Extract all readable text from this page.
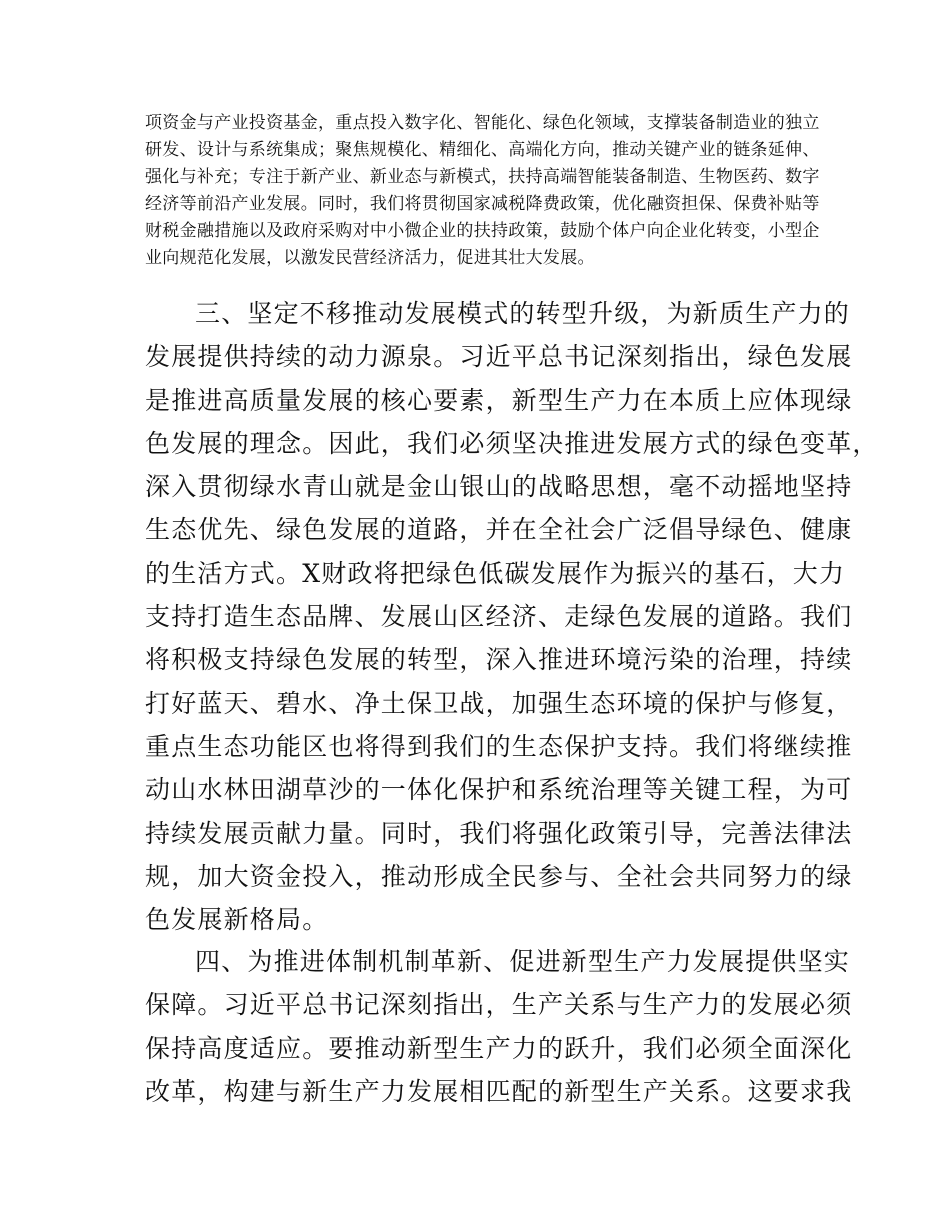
项资金与产业投资基金，重点投入数字化、智能化、绿色化领域，支撑装备制造业的独立
研发、设计与系统集成；聚焦规模化、精细化、高端化方向，推动关键产业的链条延伸、
强化与补充；专注于新产业、新业态与新模式，扶持高端智能装备制造、生物医药、数字
经济等前沿产业发展。同时，我们将贯彻国家减税降费政策，优化融资担保、保费补贴等
财税金融措施以及政府采购对中小微企业的扶持政策，鼓励个体户向企业化转变，小型企
业向规范化发展，以激发民营经济活力，促进其壮大发展。

三、坚定不移推动发展模式的转型升级，为新质生产力的
发展提供持续的动力源泉。习近平总书记深刻指出，绿色发展
是推进高质量发展的核心要素，新型生产力在本质上应体现绿
色发展的理念。因此，我们必须坚决推进发展方式的绿色变革，
深入贯彻绿水青山就是金山银山的战略思想，毫不动摇地坚持
生态优先、绿色发展的道路，并在全社会广泛倡导绿色、健康
的生活方式。X财政将把绿色低碳发展作为振兴的基石，大力
支持打造生态品牌、发展山区经济、走绿色发展的道路。我们
将积极支持绿色发展的转型，深入推进环境污染的治理，持续
打好蓝天、碧水、净土保卫战，加强生态环境的保护与修复，
重点生态功能区也将得到我们的生态保护支持。我们将继续推
动山水林田湖草沙的一体化保护和系统治理等关键工程，为可
持续发展贡献力量。同时，我们将强化政策引导，完善法律法
规，加大资金投入，推动形成全民参与、全社会共同努力的绿
色发展新格局。

四、为推进体制机制革新、促进新型生产力发展提供坚实
保障。习近平总书记深刻指出，生产关系与生产力的发展必须
保持高度适应。要推动新型生产力的跃升，我们必须全面深化
改革，构建与新生产力发展相匹配的新型生产关系。这要求我
